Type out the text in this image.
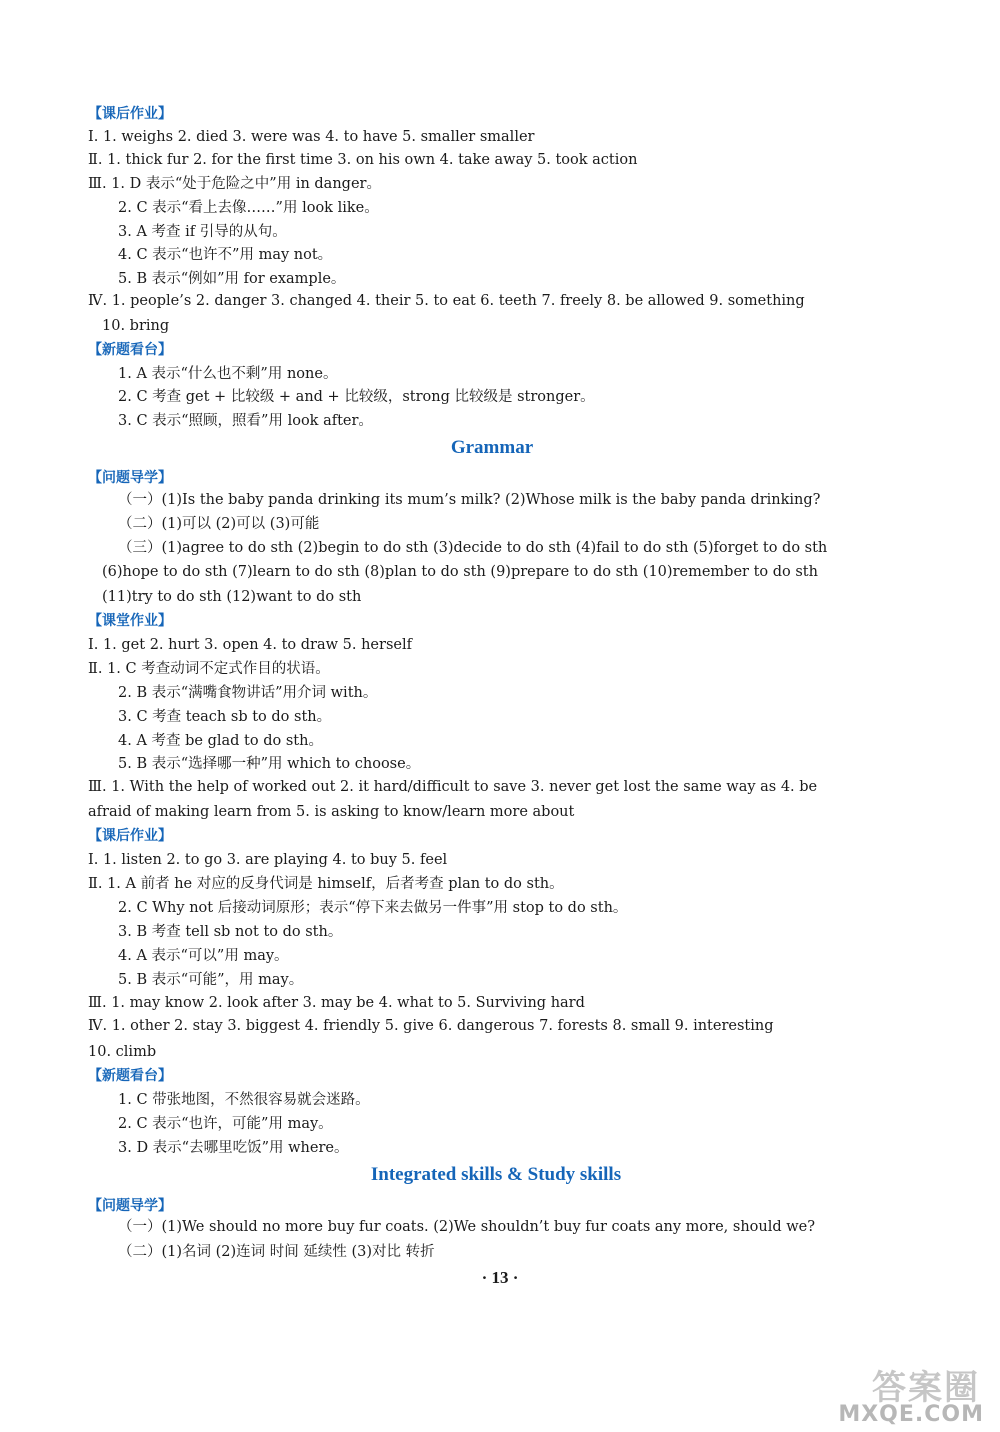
【课后作业】
Ⅰ. 1. weighs 2. died 3. were was 4. to have 5. smaller smaller
Ⅱ. 1. thick fur 2. for the first time 3. on his own 4. take away 5. took action
Ⅲ. 1. D 表示“处于危险之中”用 in danger。
2. C 表示“看上去像……”用 look like。
3. A 考查 if 引导的从句。
4. C 表示“也许不”用 may not。
5. B 表示“例如”用 for example。
Ⅳ. 1. people’s 2. danger 3. changed 4. their 5. to eat 6. teeth 7. freely 8. be allowed 9. something
10. bring
【新题看台】
1. A 表示“什么也不剩”用 none。
2. C 考查 get + 比较级 + and + 比较级，strong 比较级是 stronger。
3. C 表示“照顾，照看”用 look after。
Grammar
【问题导学】
（一）(1)Is the baby panda drinking its mum’s milk? (2)Whose milk is the baby panda drinking?
（二）(1)可以 (2)可以 (3)可能
（三）(1)agree to do sth (2)begin to do sth (3)decide to do sth (4)fail to do sth (5)forget to do sth
(6)hope to do sth (7)learn to do sth (8)plan to do sth (9)prepare to do sth (10)remember to do sth
(11)try to do sth (12)want to do sth
【课堂作业】
Ⅰ. 1. get 2. hurt 3. open 4. to draw 5. herself
Ⅱ. 1. C 考查动词不定式作目的状语。
2. B 表示“满嘴食物讲话”用介词 with。
3. C 考查 teach sb to do sth。
4. A 考查 be glad to do sth。
5. B 表示“选择哪一种”用 which to choose。
Ⅲ. 1. With the help of worked out 2. it hard/difficult to save 3. never get lost the same way as 4. be
afraid of making learn from 5. is asking to know/learn more about
【课后作业】
Ⅰ. 1. listen 2. to go 3. are playing 4. to buy 5. feel
Ⅱ. 1. A 前者 he 对应的反身代词是 himself，后者考查 plan to do sth。
2. C Why not 后接动词原形；表示“停下来去做另一件事”用 stop to do sth。
3. B 考查 tell sb not to do sth。
4. A 表示“可以”用 may。
5. B 表示“可能”，用 may。
Ⅲ. 1. may know 2. look after 3. may be 4. what to 5. Surviving hard
Ⅳ. 1. other 2. stay 3. biggest 4. friendly 5. give 6. dangerous 7. forests 8. small 9. interesting
10. climb
【新题看台】
1. C 带张地图，不然很容易就会迷路。
2. C 表示“也许，可能”用 may。
3. D 表示“去哪里吃饭”用 where。
Integrated skills & Study skills
【问题导学】
（一）(1)We should no more buy fur coats. (2)We shouldn’t buy fur coats any more, should we?
（二）(1)名词 (2)连词 时间 延续性 (3)对比 转折
· 13 ·
答案圈
MXQE.COM
